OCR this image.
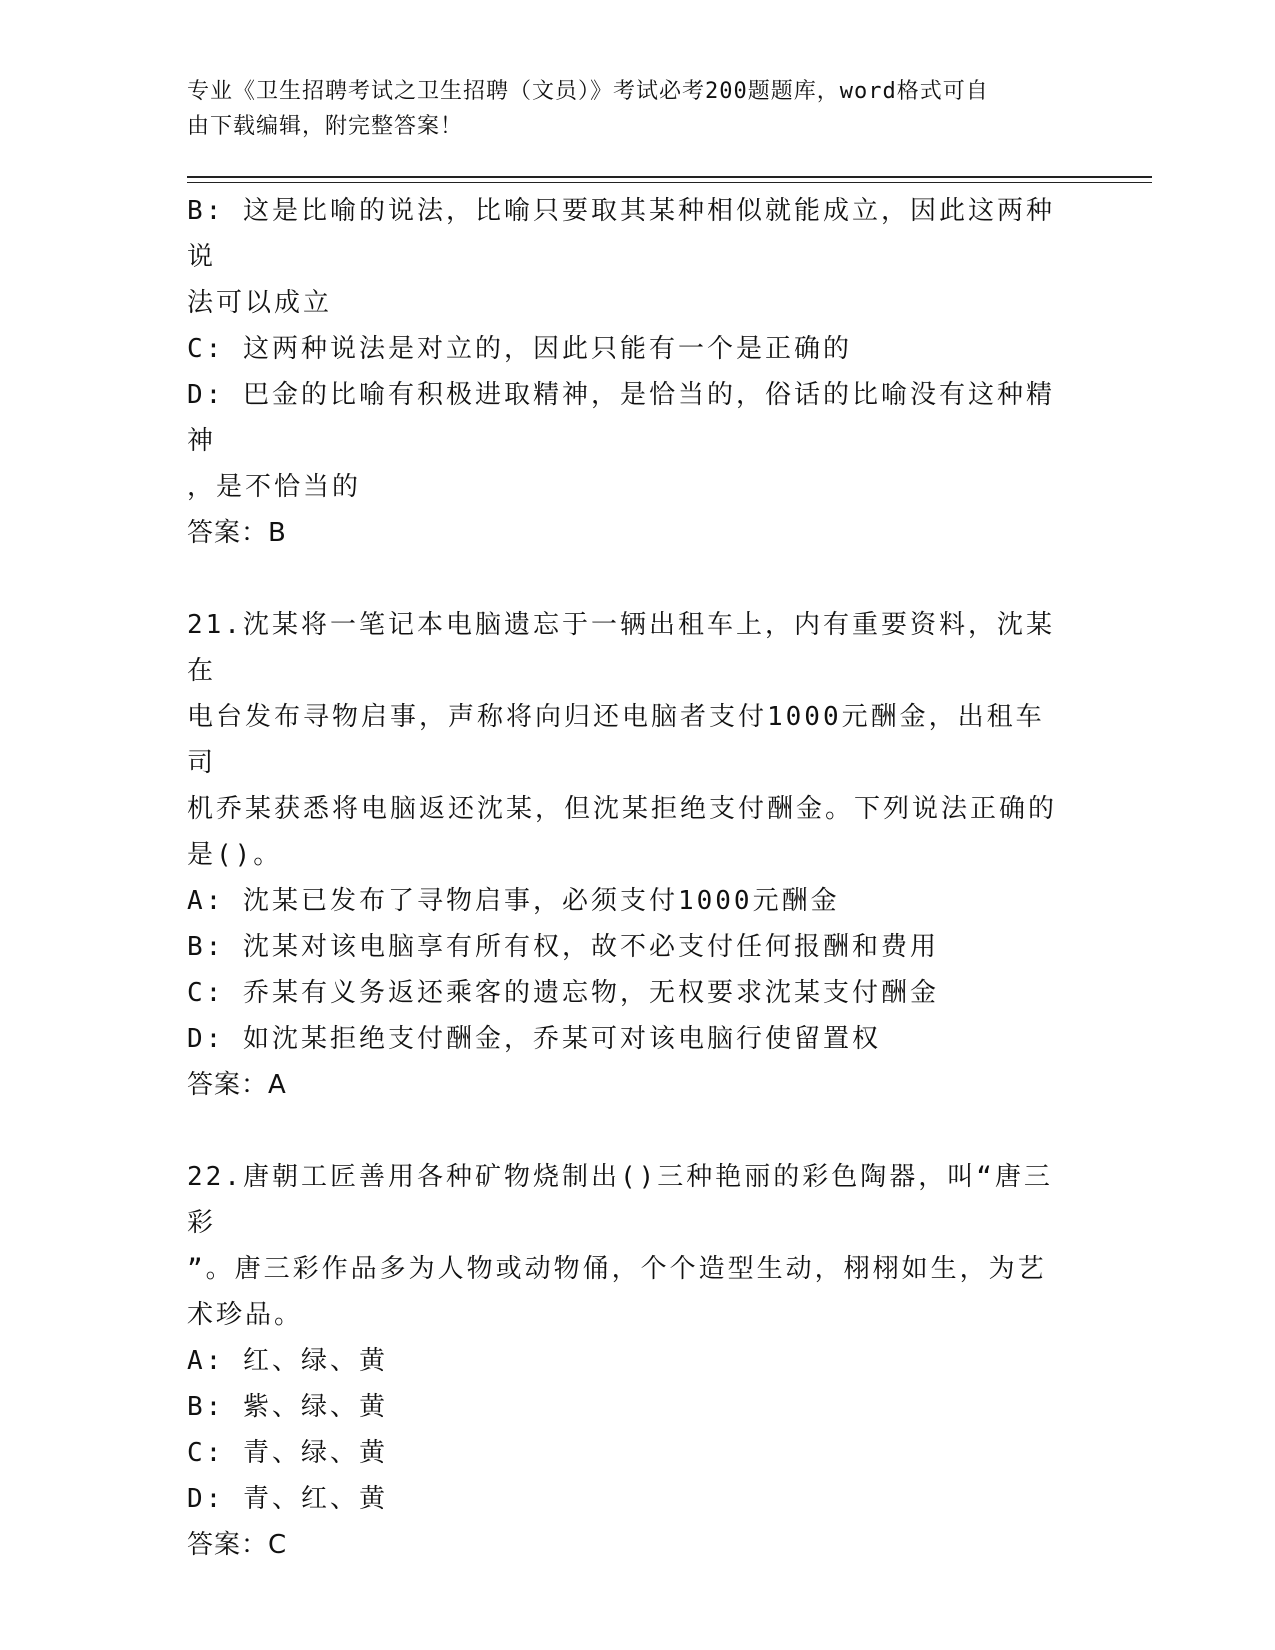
专业《卫生招聘考试之卫生招聘（文员）》考试必考200题题库，word格式可自
由下载编辑，附完整答案！
B: 这是比喻的说法，比喻只要取其某种相似就能成立，因此这两种说
法可以成立
C: 这两种说法是对立的，因此只能有一个是正确的
D: 巴金的比喻有积极进取精神，是恰当的，俗话的比喻没有这种精神
，是不恰当的
答案：B
21.沈某将一笔记本电脑遗忘于一辆出租车上，内有重要资料，沈某在
电台发布寻物启事，声称将向归还电脑者支付1000元酬金，出租车司
机乔某获悉将电脑返还沈某，但沈某拒绝支付酬金。下列说法正确的
是()。
A: 沈某已发布了寻物启事，必须支付1000元酬金
B: 沈某对该电脑享有所有权，故不必支付任何报酬和费用
C: 乔某有义务返还乘客的遗忘物，无权要求沈某支付酬金
D: 如沈某拒绝支付酬金，乔某可对该电脑行使留置权
答案：A
22.唐朝工匠善用各种矿物烧制出()三种艳丽的彩色陶器，叫“唐三彩
”。唐三彩作品多为人物或动物俑，个个造型生动，栩栩如生，为艺
术珍品。
A: 红、绿、黄
B: 紫、绿、黄
C: 青、绿、黄
D: 青、红、黄
答案：C
